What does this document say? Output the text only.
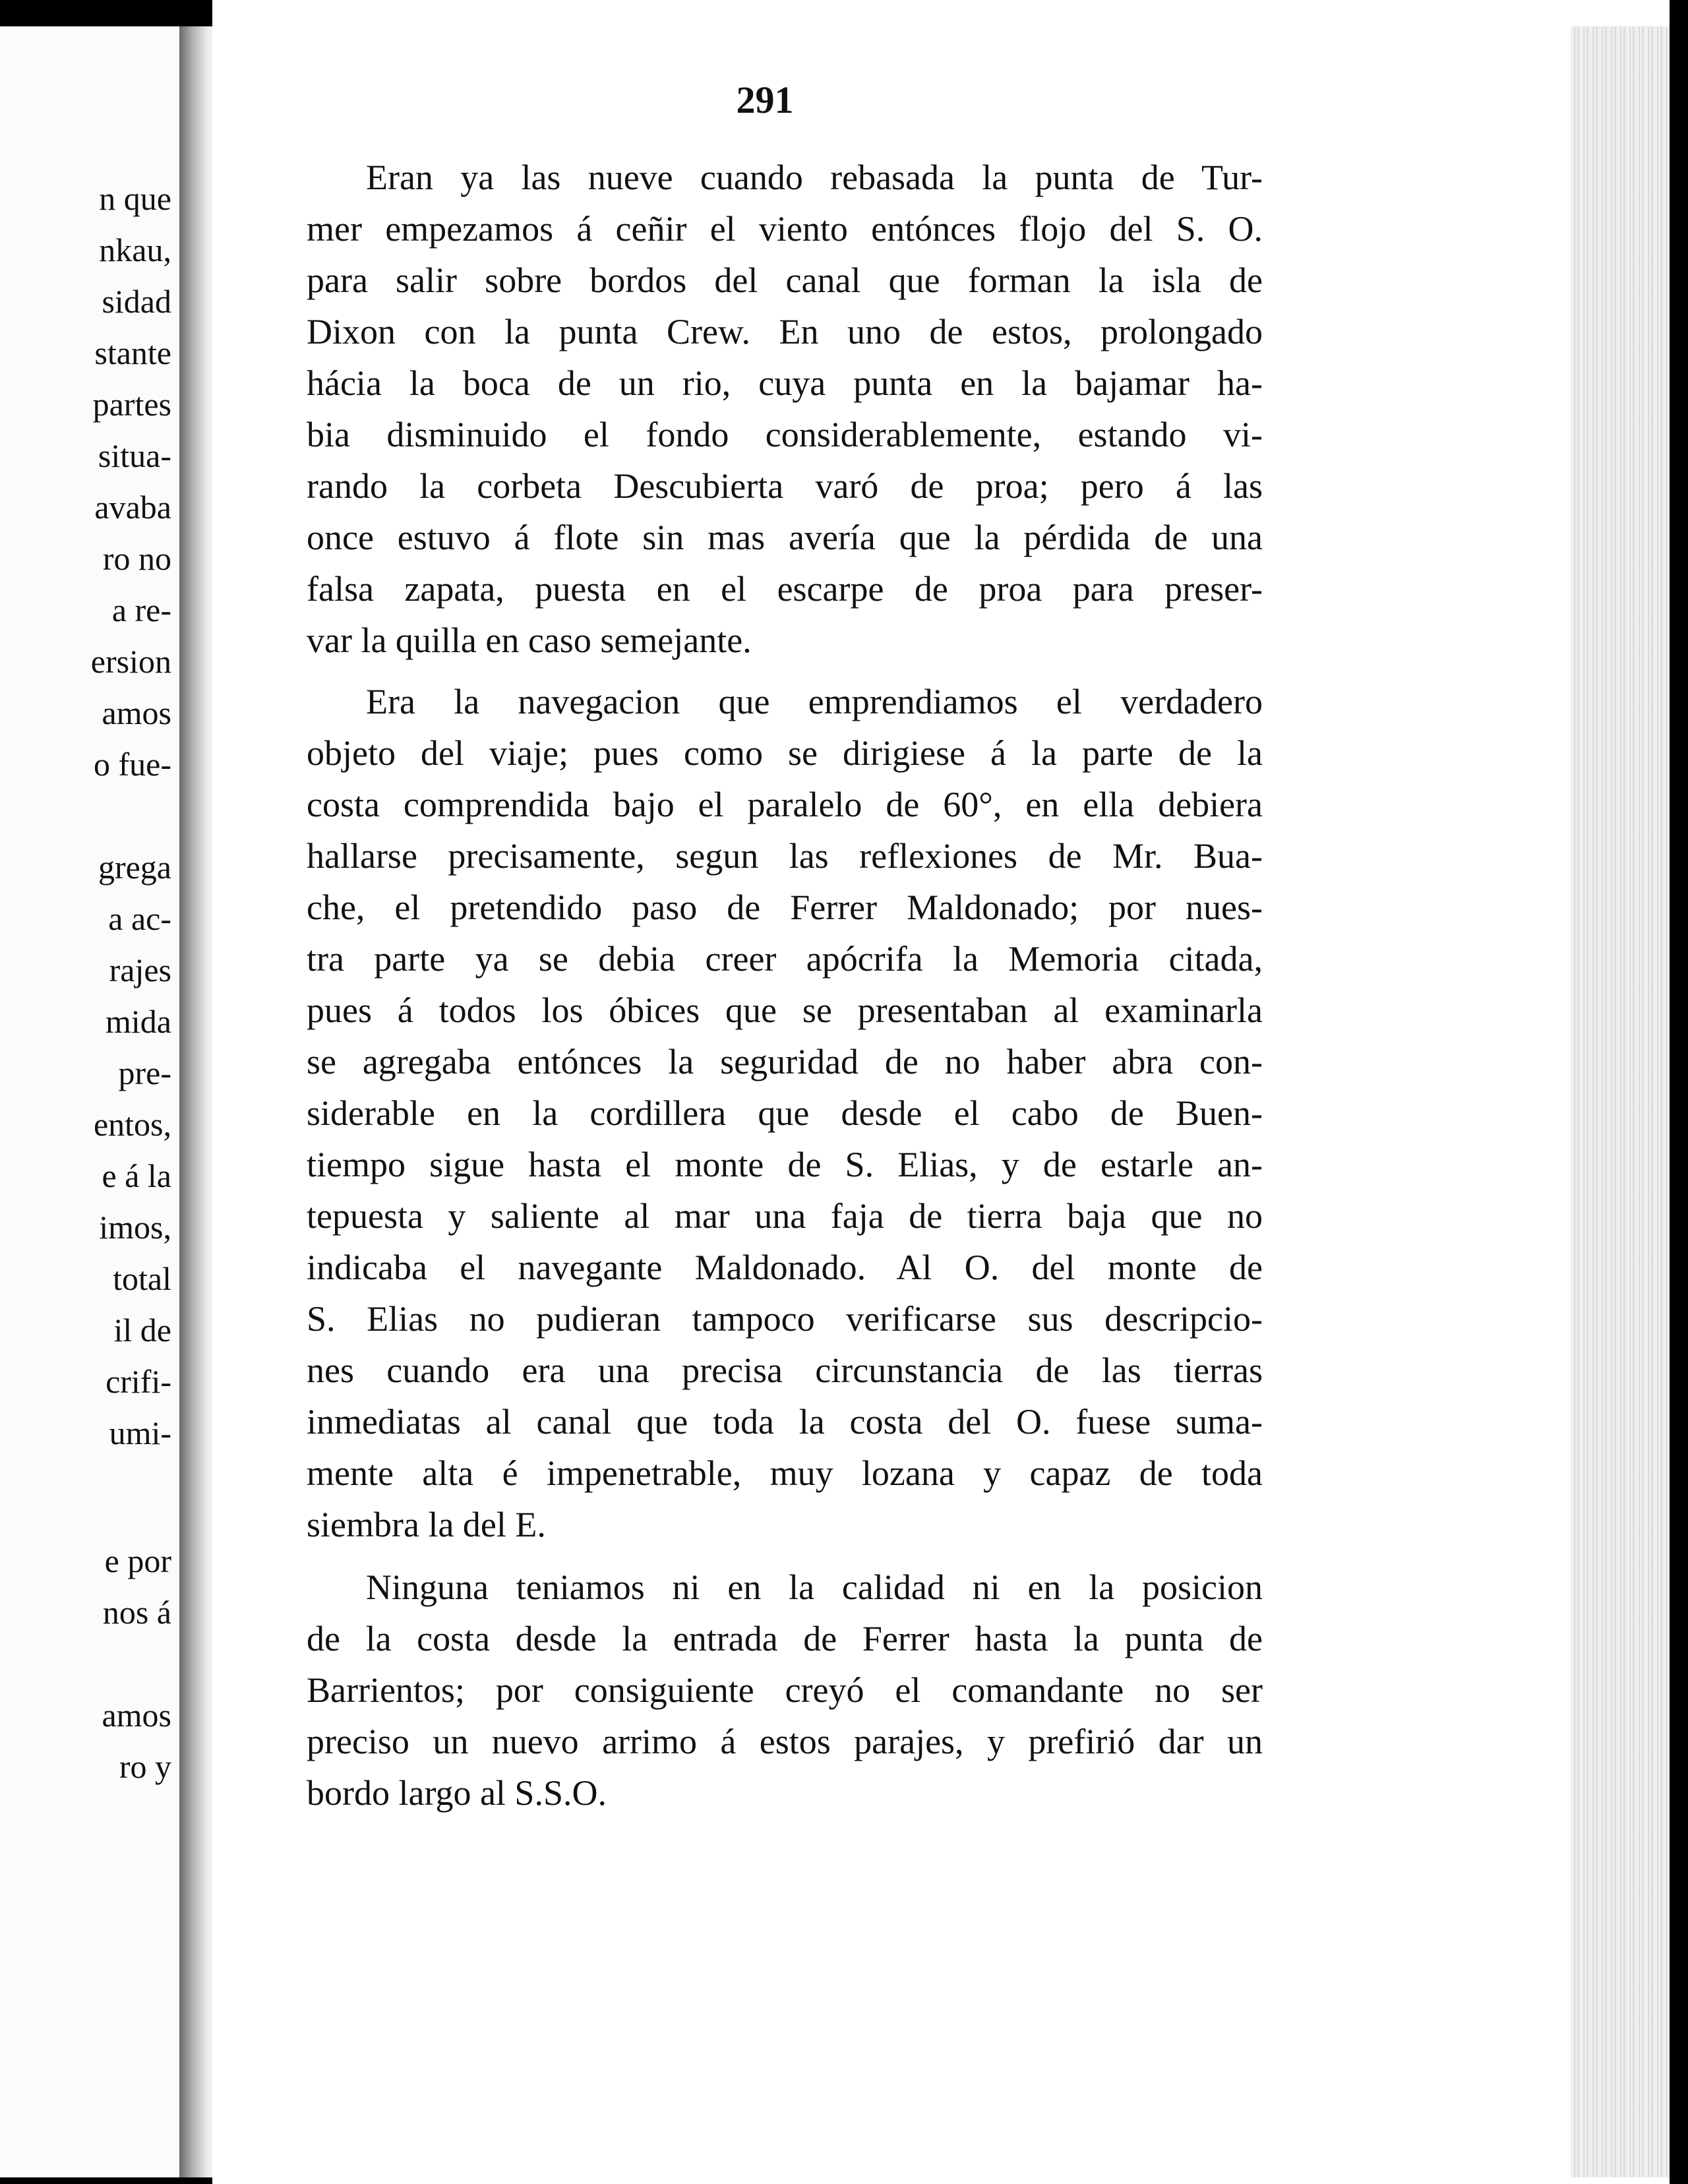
n que
nkau,
sidad
stante
partes
situa-
avaba
ro no
a re-
ersion
amos
o fue-
grega
a ac-
rajes
mida
pre-
entos,
e á la
imos,
total
il de
crifi-
umi-
e por
nos á
amos
ro y
291
Eran ya las nueve cuando rebasada la punta de Tur-
mer empezamos á ceñir el viento entónces flojo del S. O.
para salir sobre bordos del canal que forman la isla de
Dixon con la punta Crew. En uno de estos, prolongado
hácia la boca de un rio, cuya punta en la bajamar ha-
bia disminuido el fondo considerablemente, estando vi-
rando la corbeta Descubierta varó de proa; pero á las
once estuvo á flote sin mas avería que la pérdida de una
falsa zapata, puesta en el escarpe de proa para preser-
var la quilla en caso semejante.
Era la navegacion que emprendiamos el verdadero
objeto del viaje; pues como se dirigiese á la parte de la
costa comprendida bajo el paralelo de 60°, en ella debiera
hallarse precisamente, segun las reflexiones de Mr. Bua-
che, el pretendido paso de Ferrer Maldonado; por nues-
tra parte ya se debia creer apócrifa la Memoria citada,
pues á todos los óbices que se presentaban al examinarla
se agregaba entónces la seguridad de no haber abra con-
siderable en la cordillera que desde el cabo de Buen-
tiempo sigue hasta el monte de S. Elias, y de estarle an-
tepuesta y saliente al mar una faja de tierra baja que no
indicaba el navegante Maldonado. Al O. del monte de
S. Elias no pudieran tampoco verificarse sus descripcio-
nes cuando era una precisa circunstancia de las tierras
inmediatas al canal que toda la costa del O. fuese suma-
mente alta é impenetrable, muy lozana y capaz de toda
siembra la del E.
Ninguna teniamos ni en la calidad ni en la posicion
de la costa desde la entrada de Ferrer hasta la punta de
Barrientos; por consiguiente creyó el comandante no ser
preciso un nuevo arrimo á estos parajes, y prefirió dar un
bordo largo al S.S.O.
